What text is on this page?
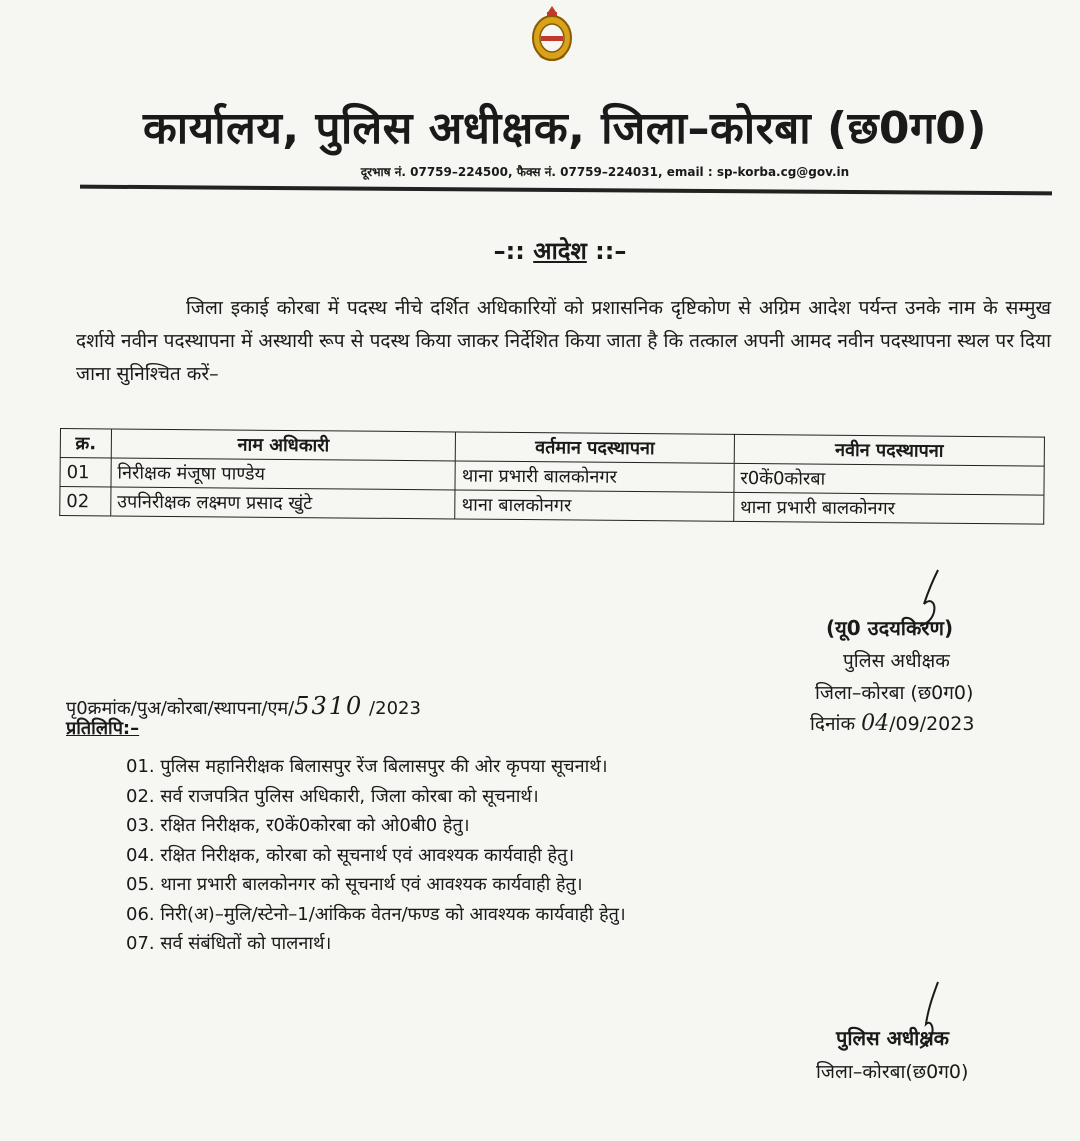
कार्यालय, पुलिस अधीक्षक, जिला–कोरबा (छ0ग0)
दूरभाष नं. 07759–224500, फैक्स नं. 07759–224031, email : sp-korba.cg@gov.in
–:: आदेश ::–
जिला इकाई कोरबा में पदस्थ नीचे दर्शित अधिकारियों को प्रशासनिक दृष्टिकोण से अग्रिम आदेश पर्यन्त उनके नाम के सम्मुख दर्शाये नवीन पदस्थापना में अस्थायी रूप से पदस्थ किया जाकर निर्देशित किया जाता है कि तत्काल अपनी आमद नवीन पदस्थापना स्थल पर दिया जाना सुनिश्चित करें–
क्र.	नाम अधिकारी	वर्तमान पदस्थापना	नवीन पदस्थापना
01	निरीक्षक मंजूषा पाण्डेय	थाना प्रभारी बालकोनगर	र0कें0कोरबा
02	उपनिरीक्षक लक्ष्मण प्रसाद खुंटे	थाना बालकोनगर	थाना प्रभारी बालकोनगर
(यू0 उदयकिरण)
पुलिस अधीक्षक
जिला–कोरबा (छ0ग0)
दिनांक 04/09/2023
पृ0क्रमांक/पुअ/कोरबा/स्थापना/एम/5310 /2023
प्रतिलिपि:–
01. पुलिस महानिरीक्षक बिलासपुर रेंज बिलासपुर की ओर कृपया सूचनार्थ।
02. सर्व राजपत्रित पुलिस अधिकारी, जिला कोरबा को सूचनार्थ।
03. रक्षित निरीक्षक, र0कें0कोरबा को ओ0बी0 हेतु।
04. रक्षित निरीक्षक, कोरबा को सूचनार्थ एवं आवश्यक कार्यवाही हेतु।
05. थाना प्रभारी बालकोनगर को सूचनार्थ एवं आवश्यक कार्यवाही हेतु।
06. निरी(अ)–मुलि/स्टेनो–1/आंकिक वेतन/फण्ड को आवश्यक कार्यवाही हेतु।
07. सर्व संबंधितों को पालनार्थ।
पुलिस अधीक्षक
जिला–कोरबा(छ0ग0)
